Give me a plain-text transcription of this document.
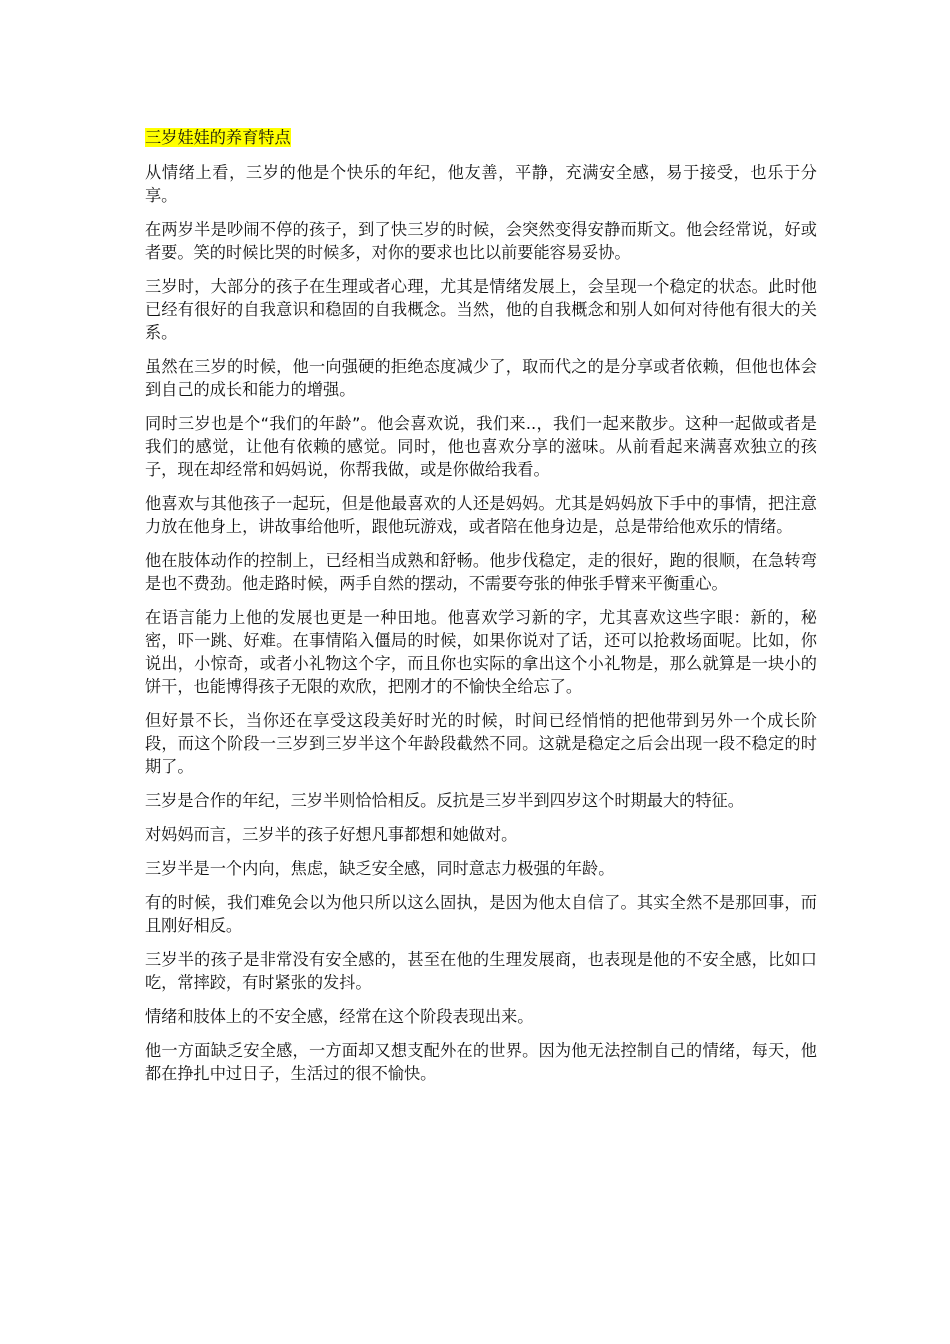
三岁娃娃的养育特点

从情绪上看，三岁的他是个快乐的年纪，他友善，平静，充满安全感，易于接受，也乐于分享。

在两岁半是吵闹不停的孩子，到了快三岁的时候，会突然变得安静而斯文。他会经常说，好或者要。笑的时候比哭的时候多，对你的要求也比以前要能容易妥协。

三岁时，大部分的孩子在生理或者心理，尤其是情绪发展上，会呈现一个稳定的状态。此时他已经有很好的自我意识和稳固的自我概念。当然，他的自我概念和别人如何对待他有很大的关系。

虽然在三岁的时候，他一向强硬的拒绝态度减少了，取而代之的是分享或者依赖，但他也体会到自己的成长和能力的增强。

同时三岁也是个“我们的年龄”。他会喜欢说，我们来..，我们一起来散步。这种一起做或者是我们的感觉，让他有依赖的感觉。同时，他也喜欢分享的滋味。从前看起来满喜欢独立的孩子，现在却经常和妈妈说，你帮我做，或是你做给我看。

他喜欢与其他孩子一起玩，但是他最喜欢的人还是妈妈。尤其是妈妈放下手中的事情，把注意力放在他身上，讲故事给他听，跟他玩游戏，或者陪在他身边是，总是带给他欢乐的情绪。

他在肢体动作的控制上，已经相当成熟和舒畅。他步伐稳定，走的很好，跑的很顺，在急转弯是也不费劲。他走路时候，两手自然的摆动，不需要夸张的伸张手臂来平衡重心。

在语言能力上他的发展也更是一种田地。他喜欢学习新的字，尤其喜欢这些字眼：新的，秘密，吓一跳、好难。在事情陷入僵局的时候，如果你说对了话，还可以抢救场面呢。比如，你说出，小惊奇，或者小礼物这个字，而且你也实际的拿出这个小礼物是，那么就算是一块小的饼干，也能博得孩子无限的欢欣，把刚才的不愉快全给忘了。

但好景不长，当你还在享受这段美好时光的时候，时间已经悄悄的把他带到另外一个成长阶段，而这个阶段一三岁到三岁半这个年龄段截然不同。这就是稳定之后会出现一段不稳定的时期了。

三岁是合作的年纪，三岁半则恰恰相反。反抗是三岁半到四岁这个时期最大的特征。

对妈妈而言，三岁半的孩子好想凡事都想和她做对。

三岁半是一个内向，焦虑，缺乏安全感，同时意志力极强的年龄。

有的时候，我们难免会以为他只所以这么固执，是因为他太自信了。其实全然不是那回事，而且刚好相反。

三岁半的孩子是非常没有安全感的，甚至在他的生理发展商，也表现是他的不安全感，比如口吃，常摔跤，有时紧张的发抖。

情绪和肢体上的不安全感，经常在这个阶段表现出来。

他一方面缺乏安全感，一方面却又想支配外在的世界。因为他无法控制自己的情绪，每天，他都在挣扎中过日子，生活过的很不愉快。
